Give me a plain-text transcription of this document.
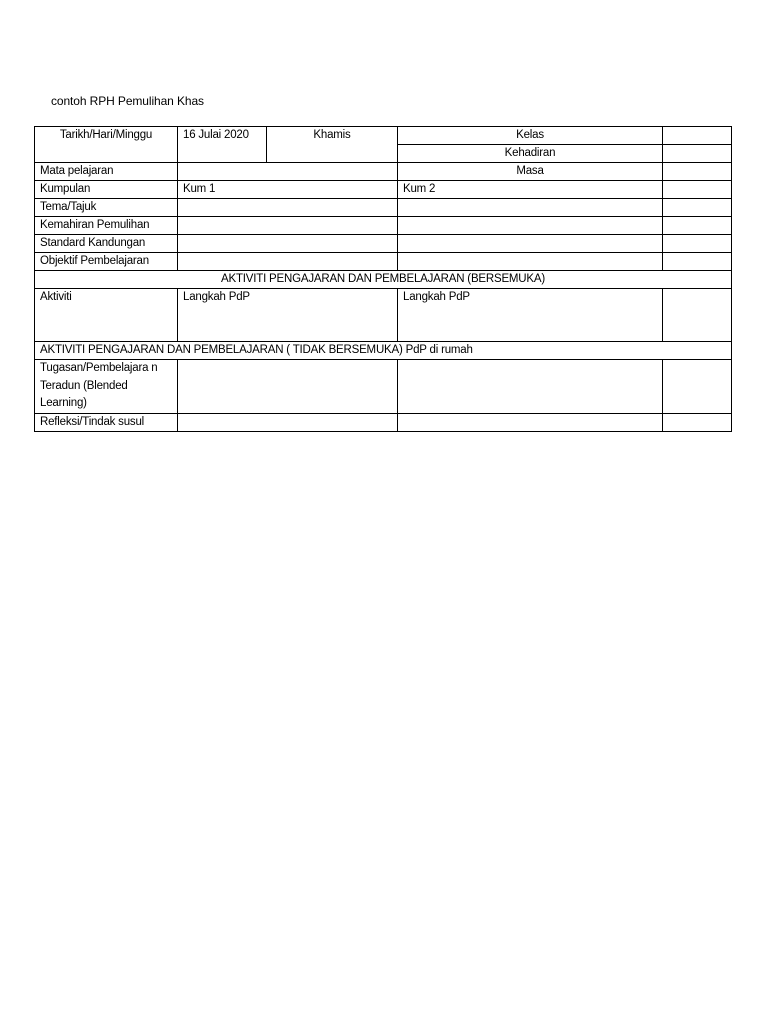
contoh RPH Pemulihan Khas
Tarikh/Hari/Minggu	16 Julai 2020	Khamis	Kelas	
			Kehadiran	
Mata pelajaran			Masa	
Kumpulan	Kum 1		Kum 2	
Tema/Tajuk				
Kemahiran Pemulihan				
Standard Kandungan				
Objektif Pembelajaran				
AKTIVITI PENGAJARAN DAN PEMBELAJARAN (BERSEMUKA)				
Aktiviti	Langkah PdP		Langkah PdP	
AKTIVITI PENGAJARAN DAN PEMBELAJARAN ( TIDAK BERSEMUKA) PdP di rumah				
Tugasan/Pembelajara n Teradun (Blended Learning)				
Refleksi/Tindak susul				
